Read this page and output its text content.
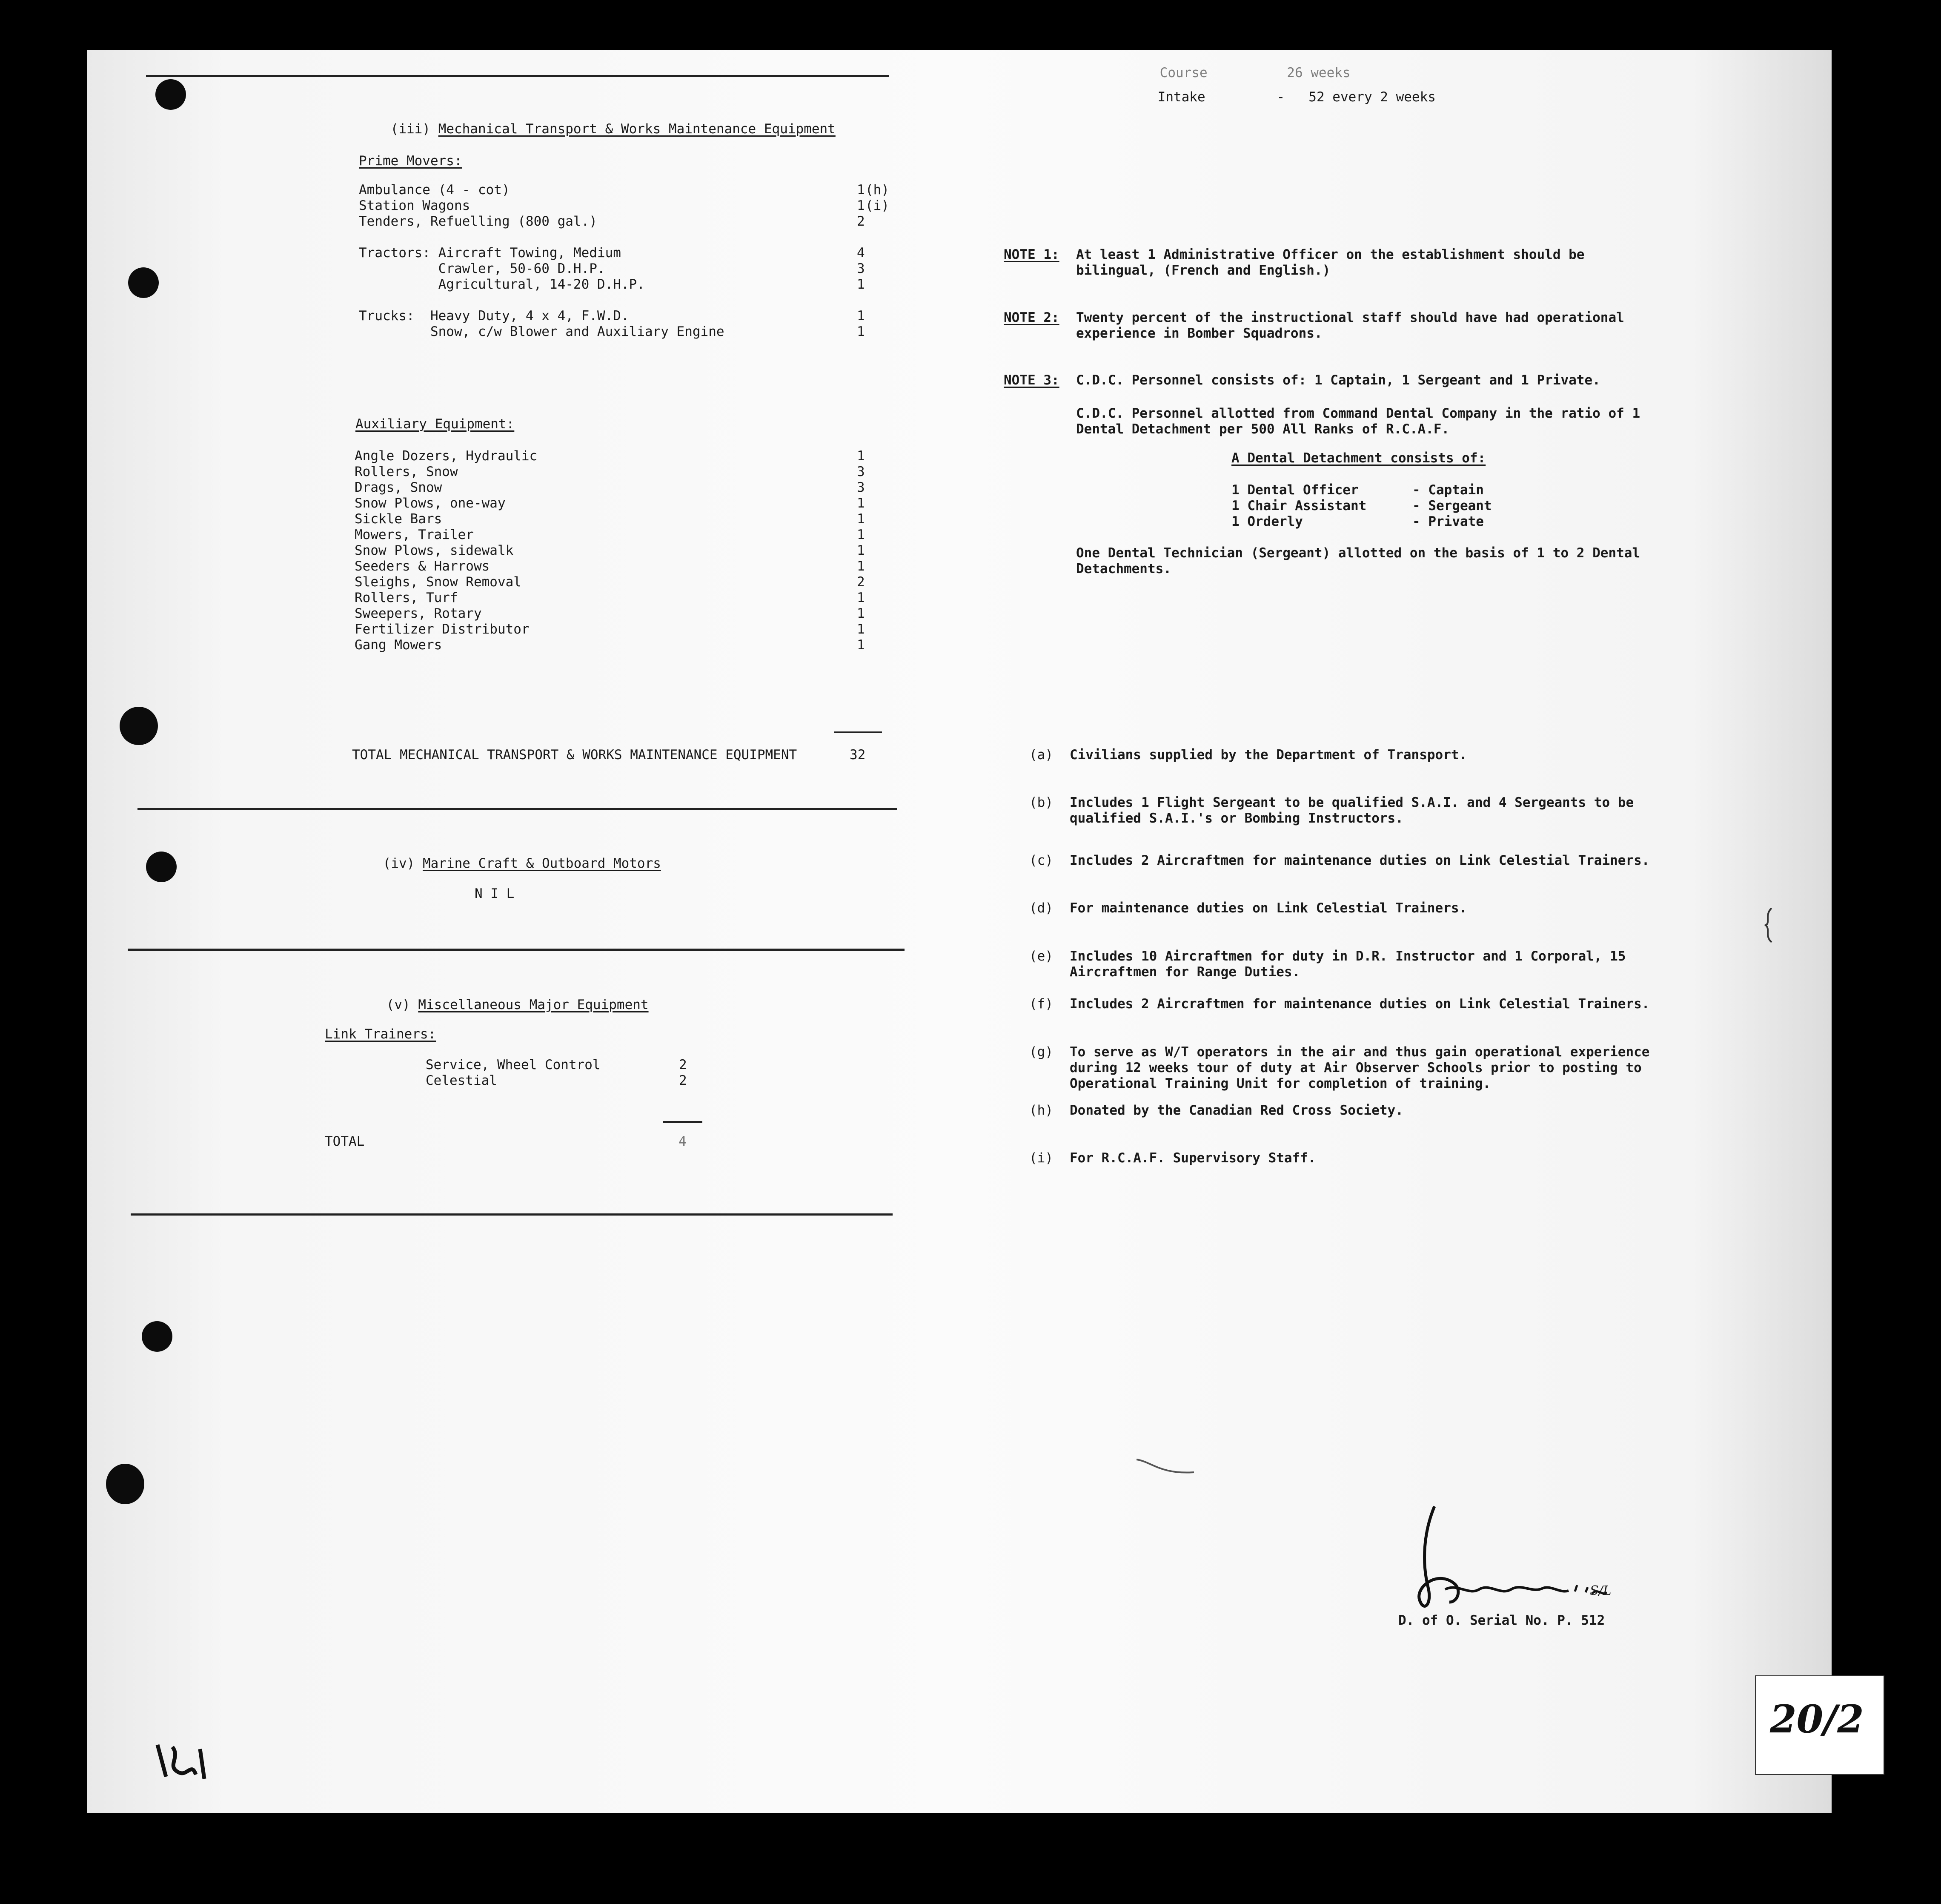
Course	26 weeks

Intake	- 52 every 2 weeks

(iii) Mechanical Transport & Works Maintenance Equipment

Prime Movers:
Ambulance (4 - cot)	1 (h)
Station Wagons	1 (i)
Tenders, Refuelling (800 gal.)	2
Tractors: Aircraft Towing, Medium	4
Crawler, 50-60 D.H.P.	3
Agricultural, 14-20 D.H.P.	1
Trucks:  Heavy Duty, 4 x 4, F.W.D.	1
Snow, c/w Blower and Auxiliary Engine	1
Auxiliary Equipment:
Angle Dozers, Hydraulic	1
Rollers, Snow	3
Drags, Snow	3
Snow Plows, one-way	1
Sickle Bars	1
Mowers, Trailer	1
Snow Plows, sidewalk	1
Seeders & Harrows	1
Sleighs, Snow Removal	2
Rollers, Turf	1
Sweepers, Rotary	1
Fertilizer Distributor	1
Gang Mowers	1
TOTAL MECHANICAL TRANSPORT & WORKS MAINTENANCE EQUIPMENT	32

(iv) Marine Craft & Outboard Motors

N I L

(v) Miscellaneous Major Equipment

Link Trainers:
Service, Wheel Control	2
Celestial	2
TOTAL	4
NOTE 1:	At least 1 Administrative Officer on the establishment should be bilingual, (French and English.)
NOTE 2:	Twenty percent of the instructional staff should have had operational experience in Bomber Squadrons.
NOTE 3:	C.D.C. Personnel consists of: 1 Captain, 1 Sergeant and 1 Private.
C.D.C. Personnel allotted from Command Dental Company in the ratio of 1 Dental Detachment per 500 All Ranks of R.C.A.F.
A Dental Detachment consists of:
1 Dental Officer	- Captain
1 Chair Assistant	- Sergeant
1 Orderly	- Private
One Dental Technician (Sergeant) allotted on the basis of 1 to 2 Dental Detachments.
(a)	Civilians supplied by the Department of Transport.
(b)	Includes 1 Flight Sergeant to be qualified S.A.I. and 4 Sergeants to be qualified S.A.I.'s or Bombing Instructors.
(c)	Includes 2 Aircraftmen for maintenance duties on Link Celestial Trainers.
(d)	For maintenance duties on Link Celestial Trainers.
(e)	Includes 10 Aircraftmen for duty in D.R. Instructor and 1 Corporal, 15 Aircraftmen for Range Duties.
(f)	Includes 2 Aircraftmen for maintenance duties on Link Celestial Trainers.
(g)	To serve as W/T operators in the air and thus gain operational experience during 12 weeks tour of duty at Air Observer Schools prior to posting to Operational Training Unit for completion of training.
(h)	Donated by the Canadian Red Cross Society.
(i)	For R.C.A.F. Supervisory Staff.
S/L
D. of O. Serial No. P. 512
20/2
